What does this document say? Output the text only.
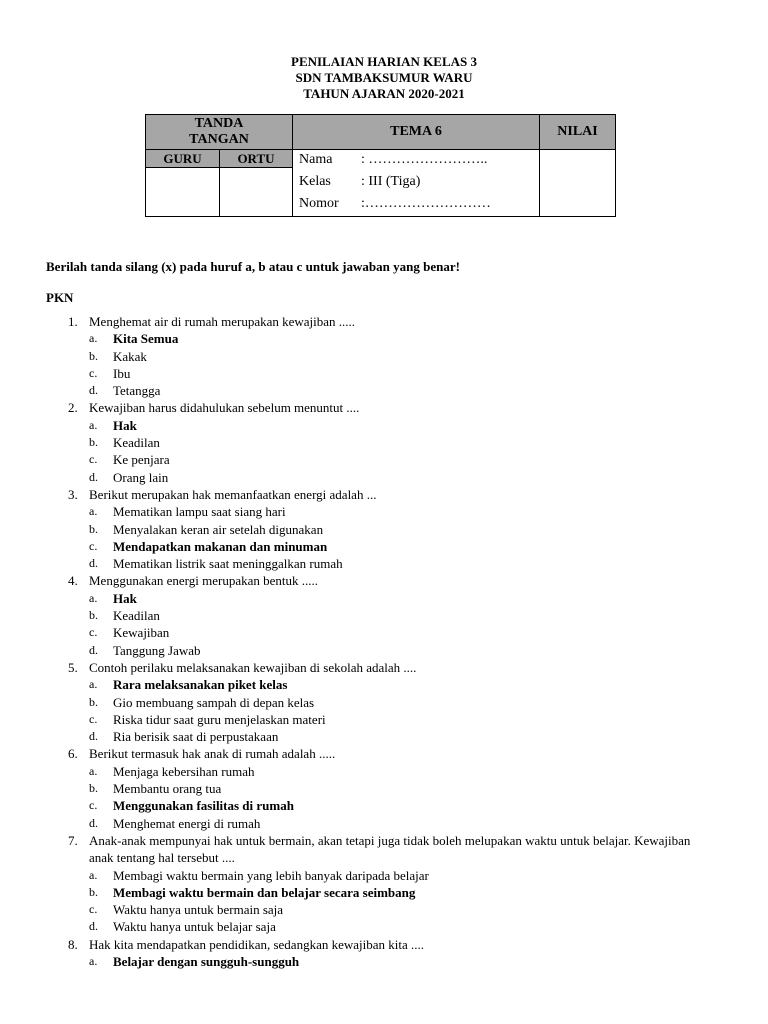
PENILAIAN HARIAN KELAS 3
SDN TAMBAKSUMUR WARU
TAHUN AJARAN 2020-2021
TANDA
TANGAN		TEMA 6	NILAI
GURU	ORTU	Nama : ……………………..
Kelas : III (Tiga)
Nomor :………………………	

Berilah tanda silang (x) pada huruf a, b atau c untuk jawaban yang benar!
PKN
1. Menghemat air di rumah merupakan kewajiban .....
a. Kita Semua
b. Kakak
c. Ibu
d. Tetangga
2. Kewajiban harus didahulukan sebelum menuntut ....
a. Hak
b. Keadilan
c. Ke penjara
d. Orang lain
3. Berikut merupakan hak memanfaatkan energi adalah ...
a. Mematikan lampu saat siang hari
b. Menyalakan keran air setelah digunakan
c. Mendapatkan makanan dan minuman
d. Mematikan listrik saat meninggalkan rumah
4. Menggunakan energi merupakan bentuk .....
a. Hak
b. Keadilan
c. Kewajiban
d. Tanggung Jawab
5. Contoh perilaku melaksanakan kewajiban di sekolah adalah ....
a. Rara melaksanakan piket kelas
b. Gio membuang sampah di depan kelas
c. Riska tidur saat guru menjelaskan materi
d. Ria berisik saat di perpustakaan
6. Berikut termasuk hak anak di rumah adalah .....
a. Menjaga kebersihan rumah
b. Membantu orang tua
c. Menggunakan fasilitas di rumah
d. Menghemat energi di rumah
7. Anak-anak mempunyai hak untuk bermain, akan tetapi juga tidak boleh melupakan waktu untuk belajar. Kewajiban anak tentang hal tersebut ....
a. Membagi waktu bermain yang lebih banyak daripada belajar
b. Membagi waktu bermain dan belajar secara seimbang
c. Waktu hanya untuk bermain saja
d. Waktu hanya untuk belajar saja
8. Hak kita mendapatkan pendidikan, sedangkan kewajiban kita ....
a. Belajar dengan sungguh-sungguh
